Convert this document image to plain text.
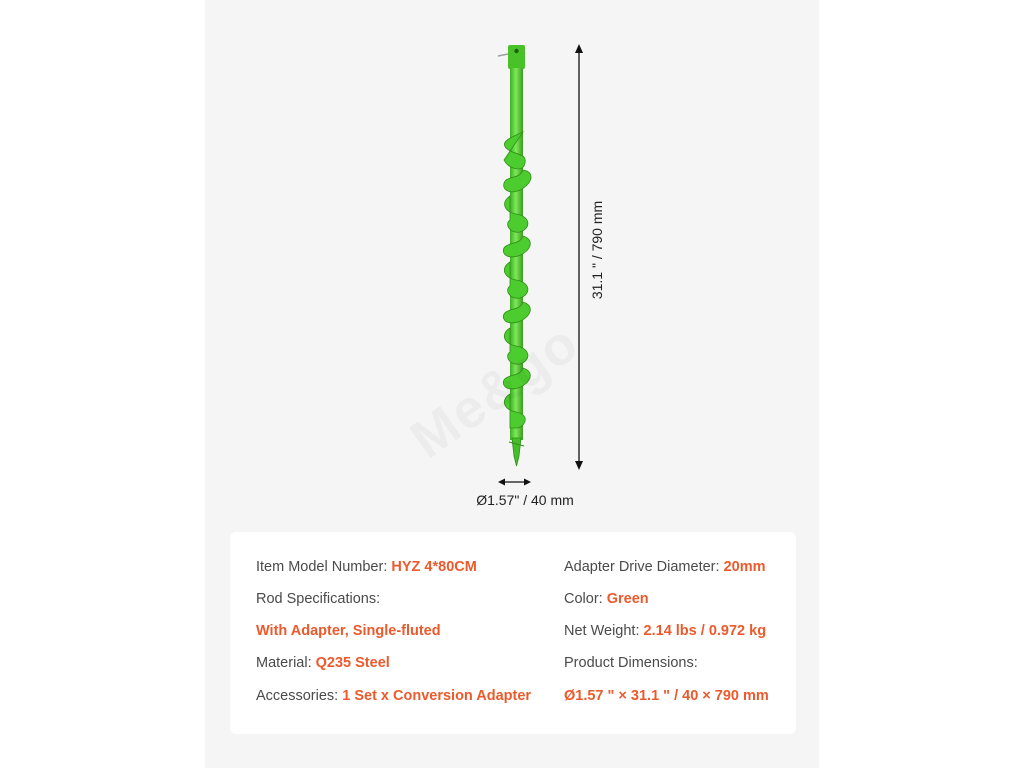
31.1 " / 790 mm
Ø1.57" / 40 mm
Item Model Number: HYZ 4*80CM
Rod Specifications:
With Adapter, Single-fluted
Material: Q235 Steel
Accessories: 1 Set x Conversion Adapter
Adapter Drive Diameter: 20mm
Color: Green
Net Weight: 2.14 lbs / 0.972 kg
Product Dimensions:
Ø1.57 " × 31.1 " / 40 × 790 mm
